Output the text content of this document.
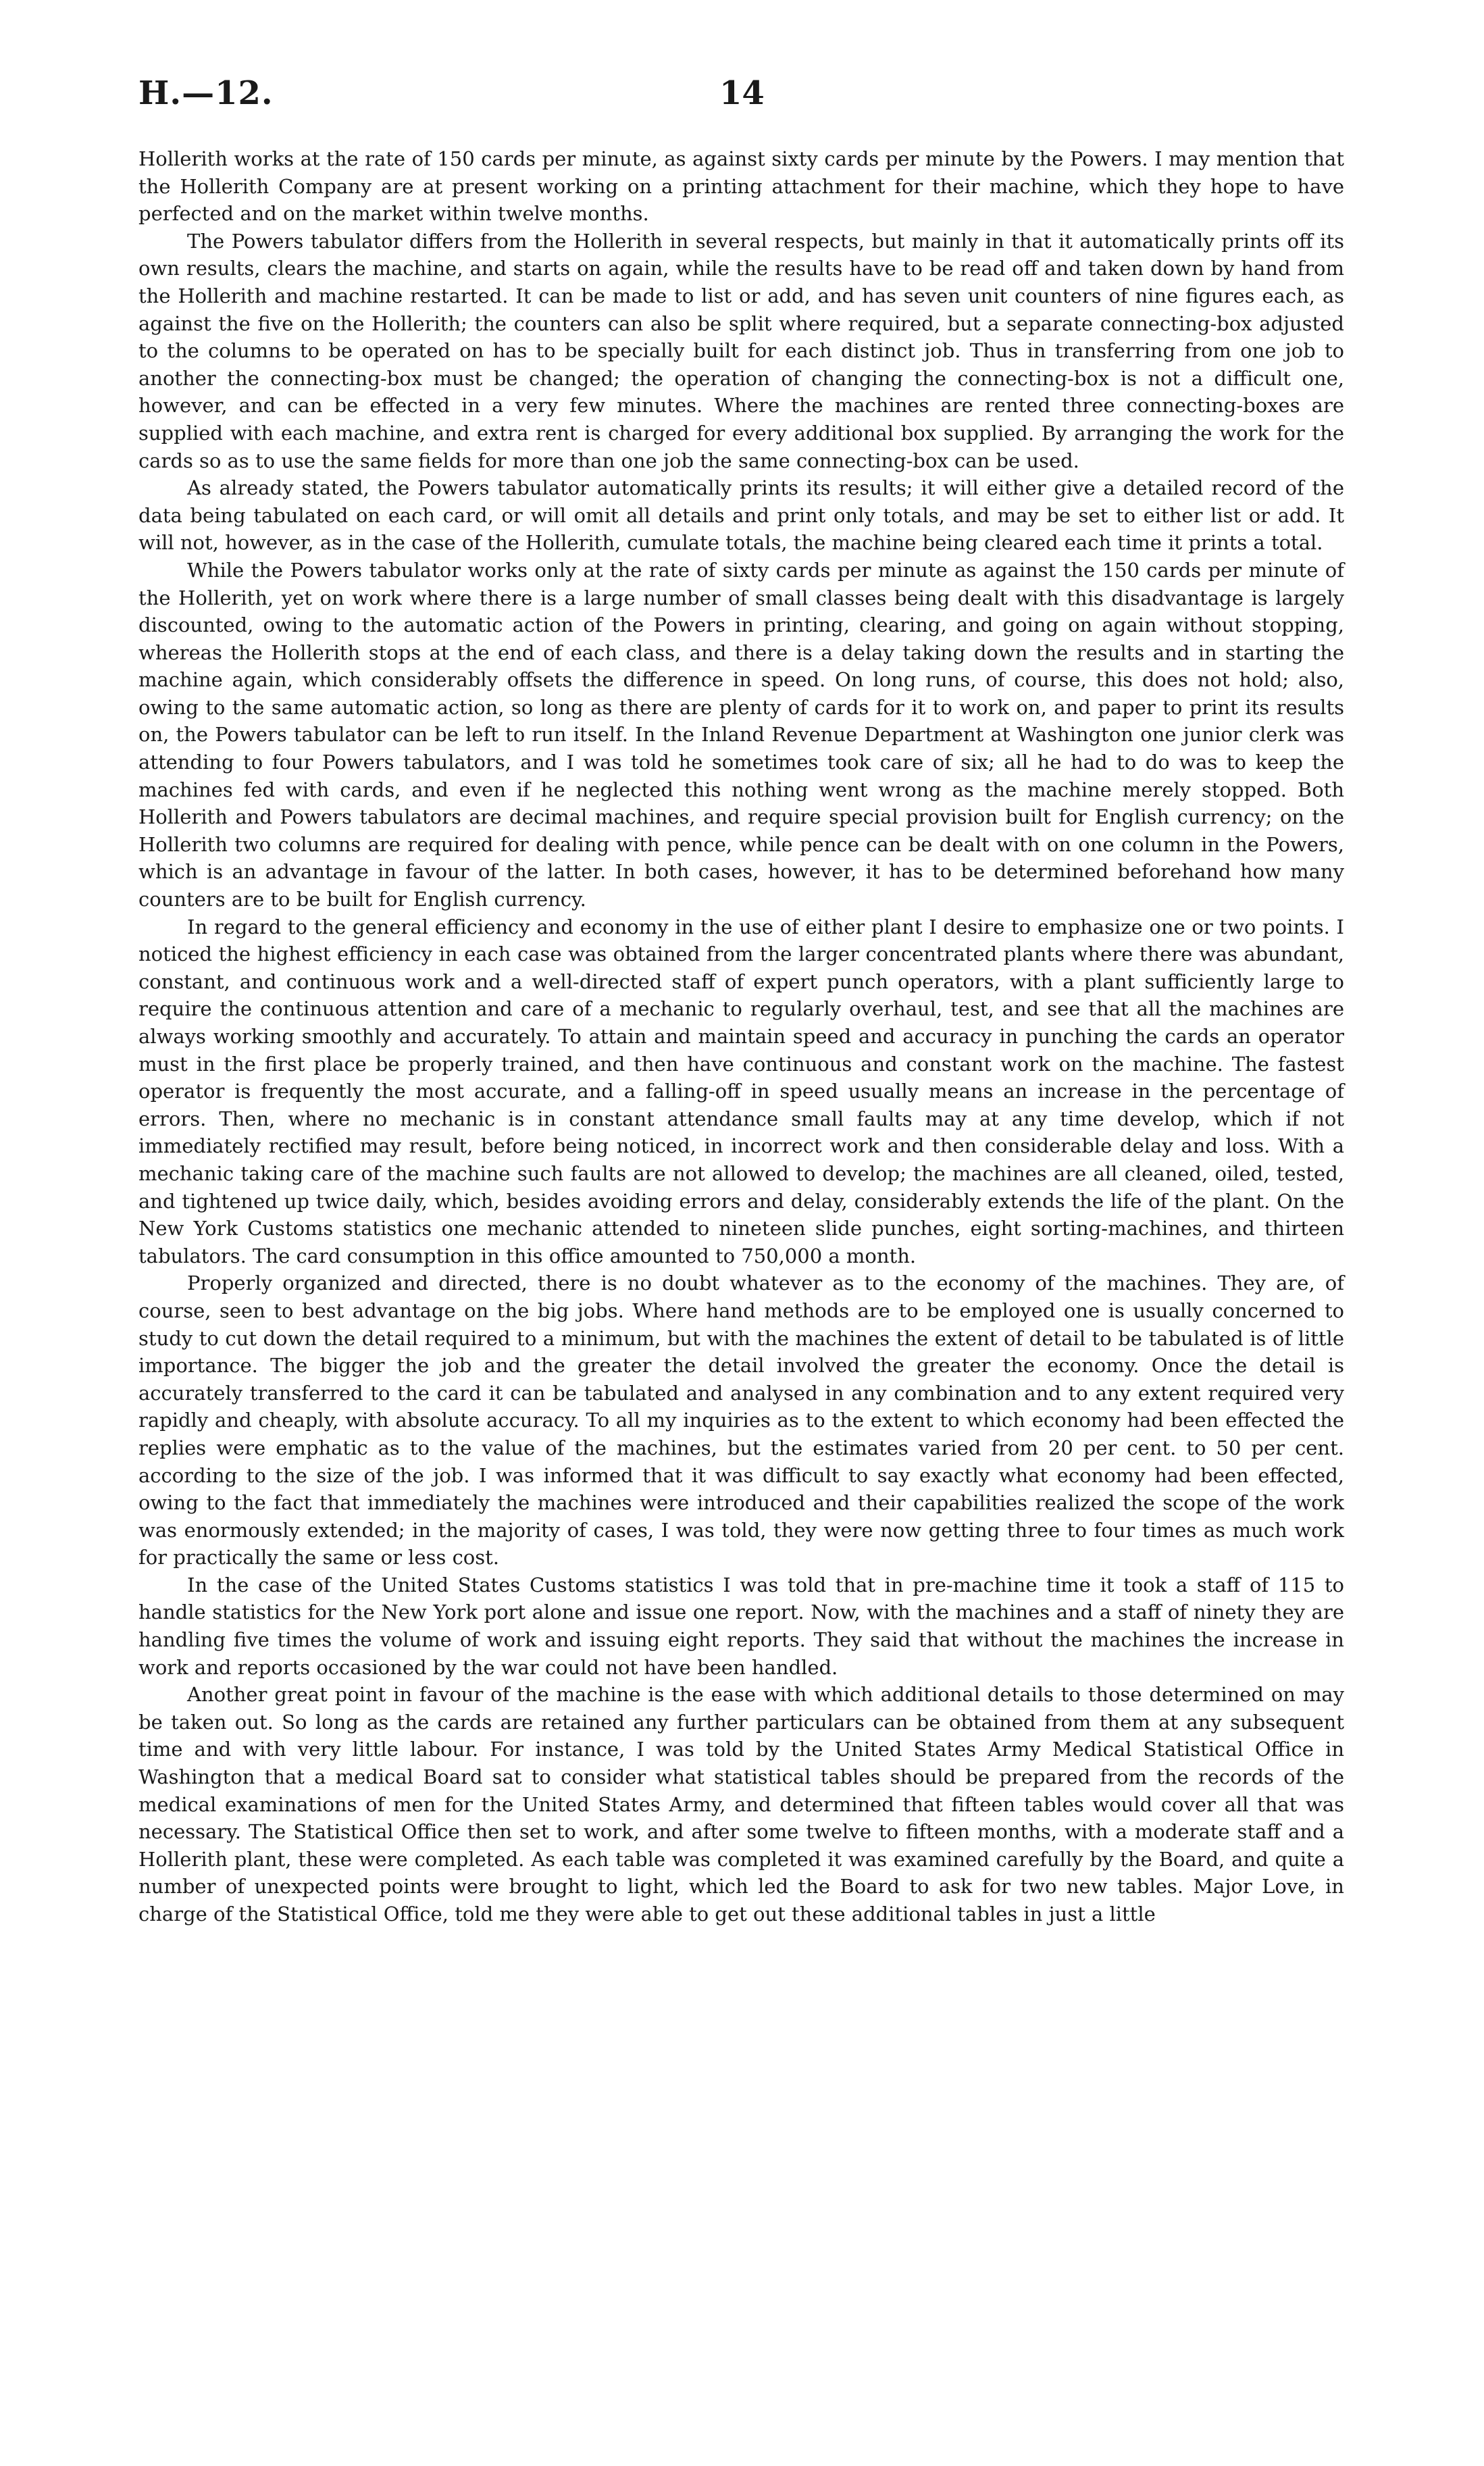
H.—12.	14

Hollerith works at the rate of 150 cards per minute, as against sixty cards per minute by the Powers. I may mention that the Hollerith Company are at present working on a printing attachment for their machine, which they hope to have perfected and on the market within twelve months.

The Powers tabulator differs from the Hollerith in several respects, but mainly in that it automatically prints off its own results, clears the machine, and starts on again, while the results have to be read off and taken down by hand from the Hollerith and machine restarted. It can be made to list or add, and has seven unit counters of nine figures each, as against the five on the Hollerith; the counters can also be split where required, but a separate connecting-box adjusted to the columns to be operated on has to be specially built for each distinct job. Thus in transferring from one job to another the connecting-box must be changed; the operation of changing the connecting-box is not a difficult one, however, and can be effected in a very few minutes. Where the machines are rented three connecting-boxes are supplied with each machine, and extra rent is charged for every additional box supplied. By arranging the work for the cards so as to use the same fields for more than one job the same connecting-box can be used.

As already stated, the Powers tabulator automatically prints its results; it will either give a detailed record of the data being tabulated on each card, or will omit all details and print only totals, and may be set to either list or add. It will not, however, as in the case of the Hollerith, cumulate totals, the machine being cleared each time it prints a total.

While the Powers tabulator works only at the rate of sixty cards per minute as against the 150 cards per minute of the Hollerith, yet on work where there is a large number of small classes being dealt with this disadvantage is largely discounted, owing to the automatic action of the Powers in printing, clearing, and going on again without stopping, whereas the Hollerith stops at the end of each class, and there is a delay taking down the results and in starting the machine again, which considerably offsets the difference in speed. On long runs, of course, this does not hold; also, owing to the same automatic action, so long as there are plenty of cards for it to work on, and paper to print its results on, the Powers tabulator can be left to run itself. In the Inland Revenue Department at Washington one junior clerk was attending to four Powers tabulators, and I was told he sometimes took care of six; all he had to do was to keep the machines fed with cards, and even if he neglected this nothing went wrong as the machine merely stopped. Both Hollerith and Powers tabulators are decimal machines, and require special provision built for English currency; on the Hollerith two columns are required for dealing with pence, while pence can be dealt with on one column in the Powers, which is an advantage in favour of the latter. In both cases, however, it has to be determined beforehand how many counters are to be built for English currency.

In regard to the general efficiency and economy in the use of either plant I desire to emphasize one or two points. I noticed the highest efficiency in each case was obtained from the larger concentrated plants where there was abundant, constant, and continuous work and a well-directed staff of expert punch operators, with a plant sufficiently large to require the continuous attention and care of a mechanic to regularly overhaul, test, and see that all the machines are always working smoothly and accurately. To attain and maintain speed and accuracy in punching the cards an operator must in the first place be properly trained, and then have continuous and constant work on the machine. The fastest operator is frequently the most accurate, and a falling-off in speed usually means an increase in the percentage of errors. Then, where no mechanic is in constant attendance small faults may at any time develop, which if not immediately rectified may result, before being noticed, in incorrect work and then considerable delay and loss. With a mechanic taking care of the machine such faults are not allowed to develop; the machines are all cleaned, oiled, tested, and tightened up twice daily, which, besides avoiding errors and delay, considerably extends the life of the plant. On the New York Customs statistics one mechanic attended to nineteen slide punches, eight sorting-machines, and thirteen tabulators. The card consumption in this office amounted to 750,000 a month.

Properly organized and directed, there is no doubt whatever as to the economy of the machines. They are, of course, seen to best advantage on the big jobs. Where hand methods are to be employed one is usually concerned to study to cut down the detail required to a minimum, but with the machines the extent of detail to be tabulated is of little importance. The bigger the job and the greater the detail involved the greater the economy. Once the detail is accurately transferred to the card it can be tabulated and analysed in any combination and to any extent required very rapidly and cheaply, with absolute accuracy. To all my inquiries as to the extent to which economy had been effected the replies were emphatic as to the value of the machines, but the estimates varied from 20 per cent. to 50 per cent. according to the size of the job. I was informed that it was difficult to say exactly what economy had been effected, owing to the fact that immediately the machines were introduced and their capabilities realized the scope of the work was enormously extended; in the majority of cases, I was told, they were now getting three to four times as much work for practically the same or less cost.

In the case of the United States Customs statistics I was told that in pre-machine time it took a staff of 115 to handle statistics for the New York port alone and issue one report. Now, with the machines and a staff of ninety they are handling five times the volume of work and issuing eight reports. They said that without the machines the increase in work and reports occasioned by the war could not have been handled.

Another great point in favour of the machine is the ease with which additional details to those determined on may be taken out. So long as the cards are retained any further particulars can be obtained from them at any subsequent time and with very little labour. For instance, I was told by the United States Army Medical Statistical Office in Washington that a medical Board sat to consider what statistical tables should be prepared from the records of the medical examinations of men for the United States Army, and determined that fifteen tables would cover all that was necessary. The Statistical Office then set to work, and after some twelve to fifteen months, with a moderate staff and a Hollerith plant, these were completed. As each table was completed it was examined carefully by the Board, and quite a number of unexpected points were brought to light, which led the Board to ask for two new tables. Major Love, in charge of the Statistical Office, told me they were able to get out these additional tables in just a little
